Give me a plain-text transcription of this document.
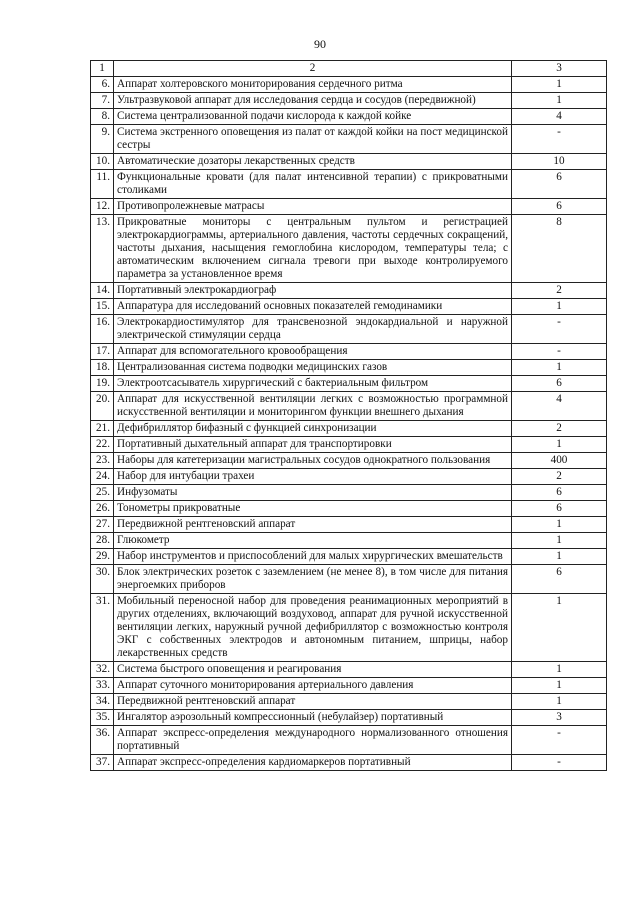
90
1	2	3
6.	Аппарат холтеровского мониторирования сердечного ритма	1
7.	Ультразвуковой аппарат для исследования сердца и сосудов (передвижной)	1
8.	Система централизованной подачи кислорода к каждой койке	4
9.	Система экстренного оповещения из палат от каждой койки на пост медицинской сестры	-
10.	Автоматические дозаторы лекарственных средств	10
11.	Функциональные кровати (для палат интенсивной терапии) с прикроватными столиками	6
12.	Противопролежневые матрасы	6
13.	Прикроватные мониторы с центральным пультом и регистрацией электрокардиограммы, артериального давления, частоты сердечных сокращений, частоты дыхания, насыщения гемоглобина кислородом, температуры тела; с автоматическим включением сигнала тревоги при выходе контролируемого параметра за установленное время	8
14.	Портативный электрокардиограф	2
15.	Аппаратура для исследований основных показателей гемодинамики	1
16.	Электрокардиостимулятор для трансвенозной эндокардиальной и наружной электрической стимуляции сердца	-
17.	Аппарат для вспомогательного кровообращения	-
18.	Централизованная система подводки медицинских газов	1
19.	Электроотсасыватель хирургический с бактериальным фильтром	6
20.	Аппарат для искусственной вентиляции легких с возможностью программной искусственной вентиляции и мониторингом функции внешнего дыхания	4
21.	Дефибриллятор бифазный с функцией синхронизации	2
22.	Портативный дыхательный аппарат для транспортировки	1
23.	Наборы для катетеризации магистральных сосудов однократного пользования	400
24.	Набор для интубации трахеи	2
25.	Инфузоматы	6
26.	Тонометры прикроватные	6
27.	Передвижной рентгеновский аппарат	1
28.	Глюкометр	1
29.	Набор инструментов и приспособлений для малых хирургических вмешательств	1
30.	Блок электрических розеток с заземлением (не менее 8), в том числе для питания энергоемких приборов	6
31.	Мобильный переносной набор для проведения реанимационных мероприятий в других отделениях, включающий воздуховод, аппарат для ручной искусственной вентиляции легких, наружный ручной дефибриллятор с возможностью контроля ЭКГ с собственных электродов и автономным питанием, шприцы, набор лекарственных средств	1
32.	Система быстрого оповещения и реагирования	1
33.	Аппарат суточного мониторирования артериального давления	1
34.	Передвижной рентгеновский аппарат	1
35.	Ингалятор аэрозольный компрессионный (небулайзер) портативный	3
36.	Аппарат экспресс-определения международного нормализованного отношения портативный	-
37.	Аппарат экспресс-определения кардиомаркеров портативный	-
